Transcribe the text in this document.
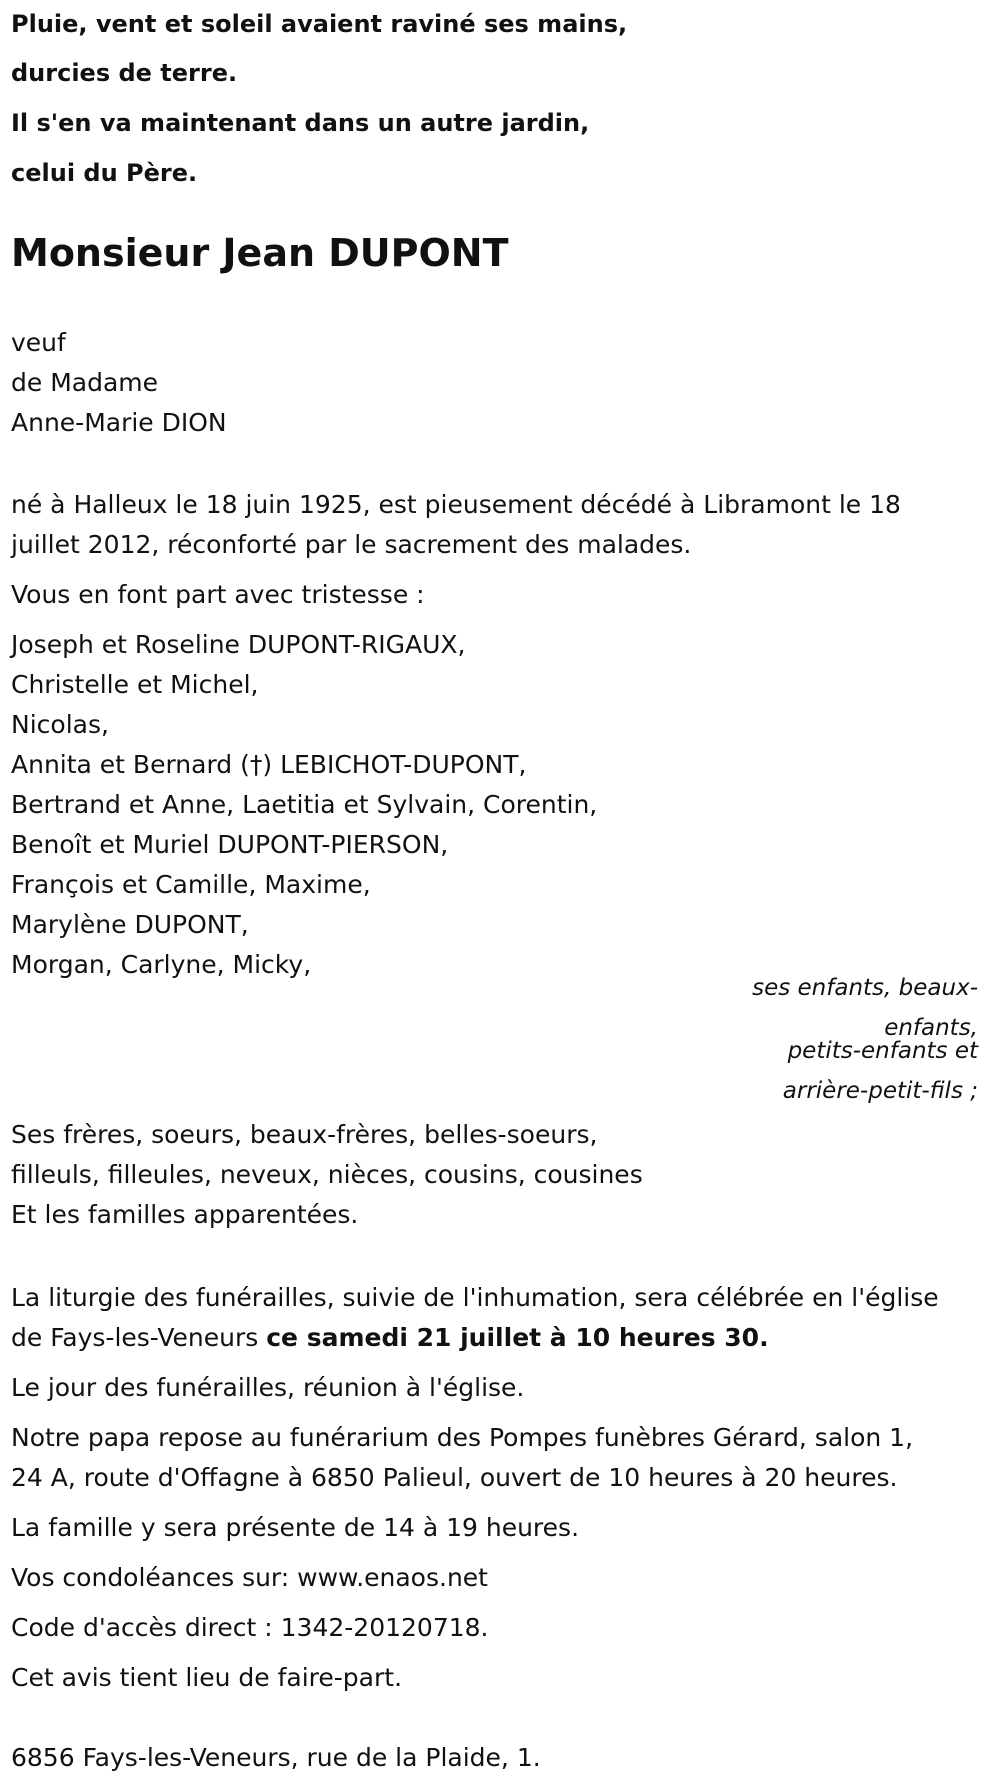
Pluie, vent et soleil avaient raviné ses mains,
durcies de terre.
Il s'en va maintenant dans un autre jardin,
celui du Père.
Monsieur Jean DUPONT
veuf
de Madame
Anne-Marie DION
né à Halleux le 18 juin 1925, est pieusement décédé à Libramont le 18
juillet 2012, réconforté par le sacrement des malades.
Vous en font part avec tristesse :
Joseph et Roseline DUPONT-RIGAUX,
Christelle et Michel,
Nicolas,
Annita et Bernard (†) LEBICHOT-DUPONT,
Bertrand et Anne, Laetitia et Sylvain, Corentin,
Benoît et Muriel DUPONT-PIERSON,
François et Camille, Maxime,
Marylène DUPONT,
Morgan, Carlyne, Micky,
ses enfants, beaux-
enfants,
petits-enfants et
arrière-petit-fils ;
Ses frères, soeurs, beaux-frères, belles-soeurs,
filleuls, filleules, neveux, nièces, cousins, cousines
Et les familles apparentées.
La liturgie des funérailles, suivie de l'inhumation, sera célébrée en l'église
de Fays-les-Veneurs ce samedi 21 juillet à 10 heures 30.
Le jour des funérailles, réunion à l'église.
Notre papa repose au funérarium des Pompes funèbres Gérard, salon 1,
24 A, route d'Offagne à 6850 Palieul, ouvert de 10 heures à 20 heures.
La famille y sera présente de 14 à 19 heures.
Vos condoléances sur: www.enaos.net
Code d'accès direct : 1342-20120718.
Cet avis tient lieu de faire-part.
6856 Fays-les-Veneurs, rue de la Plaide, 1.
